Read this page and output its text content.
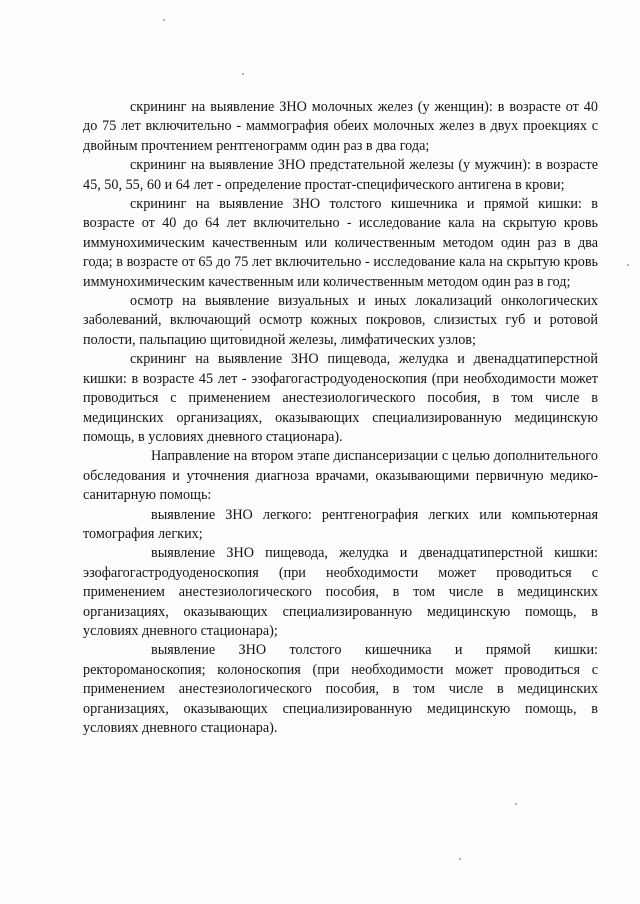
скрининг на выявление ЗНО молочных желез (у женщин): в возрасте от 40 до 75 лет включительно - маммография обеих молочных желез в двух проекциях с двойным прочтением рентгенограмм один раз в два года;

скрининг на выявление ЗНО предстательной железы (у мужчин): в возрасте 45, 50, 55, 60 и 64 лет - определение простат-специфического антигена в крови;

скрининг на выявление ЗНО толстого кишечника и прямой кишки: в возрасте от 40 до 64 лет включительно - исследование кала на скрытую кровь иммунохимическим качественным или количественным методом один раз в два года; в возрасте от 65 до 75 лет включительно - исследование кала на скрытую кровь иммунохимическим качественным или количественным методом один раз в год;

осмотр на выявление визуальных и иных локализаций онкологических заболеваний, включающий осмотр кожных покровов, слизистых губ и ротовой полости, пальпацию щитовидной железы, лимфатических узлов;

скрининг на выявление ЗНО пищевода, желудка и двенадцатиперстной кишки: в возрасте 45 лет - эзофагогастродуоденоскопия (при необходимости может проводиться с применением анестезиологического пособия, в том числе в медицинских организациях, оказывающих специализированную медицинскую помощь, в условиях дневного стационара).

Направление на втором этапе диспансеризации с целью дополнительного обследования и уточнения диагноза врачами, оказывающими первичную медико-санитарную помощь:

выявление ЗНО легкого: рентгенография легких или компьютерная томография легких;

выявление ЗНО пищевода, желудка и двенадцатиперстной кишки: эзофагогастродуоденоскопия (при необходимости может проводиться с применением анестезиологического пособия, в том числе в медицинских организациях, оказывающих специализированную медицинскую помощь, в условиях дневного стационара);

выявление ЗНО толстого кишечника и прямой кишки: ректороманоскопия; колоноскопия (при необходимости может проводиться с применением анестезиологического пособия, в том числе в медицинских организациях, оказывающих специализированную медицинскую помощь, в условиях дневного стационара).
